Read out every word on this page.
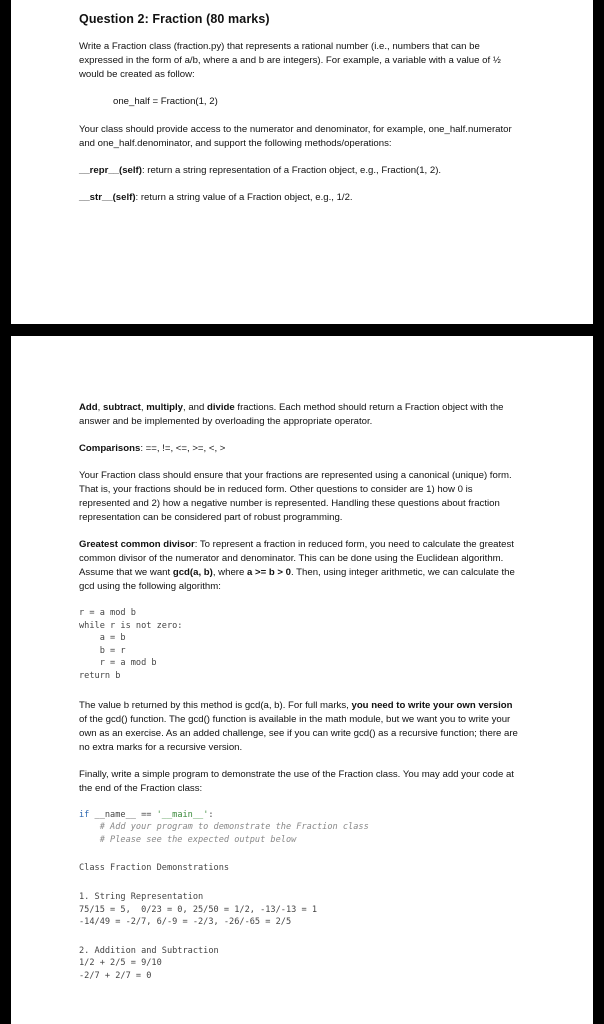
Question 2: Fraction (80 marks)

Write a Fraction class (fraction.py) that represents a rational number (i.e., numbers that can be expressed in the form of a/b, where a and b are integers). For example, a variable with a value of ½ would be created as follow:

one_half = Fraction(1, 2)

Your class should provide access to the numerator and denominator, for example, one_half.numerator and one_half.denominator, and support the following methods/operations:

__repr__(self): return a string representation of a Fraction object, e.g., Fraction(1, 2).

__str__(self): return a string value of a Fraction object, e.g., 1/2.

Add, subtract, multiply, and divide fractions. Each method should return a Fraction object with the answer and be implemented by overloading the appropriate operator.

Comparisons: ==, !=, <=, >=, <, >

Your Fraction class should ensure that your fractions are represented using a canonical (unique) form. That is, your fractions should be in reduced form. Other questions to consider are 1) how 0 is represented and 2) how a negative number is represented. Handling these questions about fraction representation can be considered part of robust programming.

Greatest common divisor: To represent a fraction in reduced form, you need to calculate the greatest common divisor of the numerator and denominator. This can be done using the Euclidean algorithm. Assume that we want gcd(a, b), where a >= b > 0. Then, using integer arithmetic, we can calculate the gcd using the following algorithm:

r = a mod b
while r is not zero:
a = b
b = r
r = a mod b
return b

The value b returned by this method is gcd(a, b). For full marks, you need to write your own version of the gcd() function. The gcd() function is available in the math module, but we want you to write your own as an exercise. As an added challenge, see if you can write gcd() as a recursive function; there are no extra marks for a recursive version.

Finally, write a simple program to demonstrate the use of the Fraction class. You may add your code at the end of the Fraction class:

if __name__ == '__main__':
# Add your program to demonstrate the Fraction class
# Please see the expected output below
Class Fraction Demonstrations
1. String Representation
75/15 = 5,  0/23 = 0, 25/50 = 1/2, -13/-13 = 1
-14/49 = -2/7, 6/-9 = -2/3, -26/-65 = 2/5
2. Addition and Subtraction
1/2 + 2/5 = 9/10
-2/7 + 2/7 = 0
